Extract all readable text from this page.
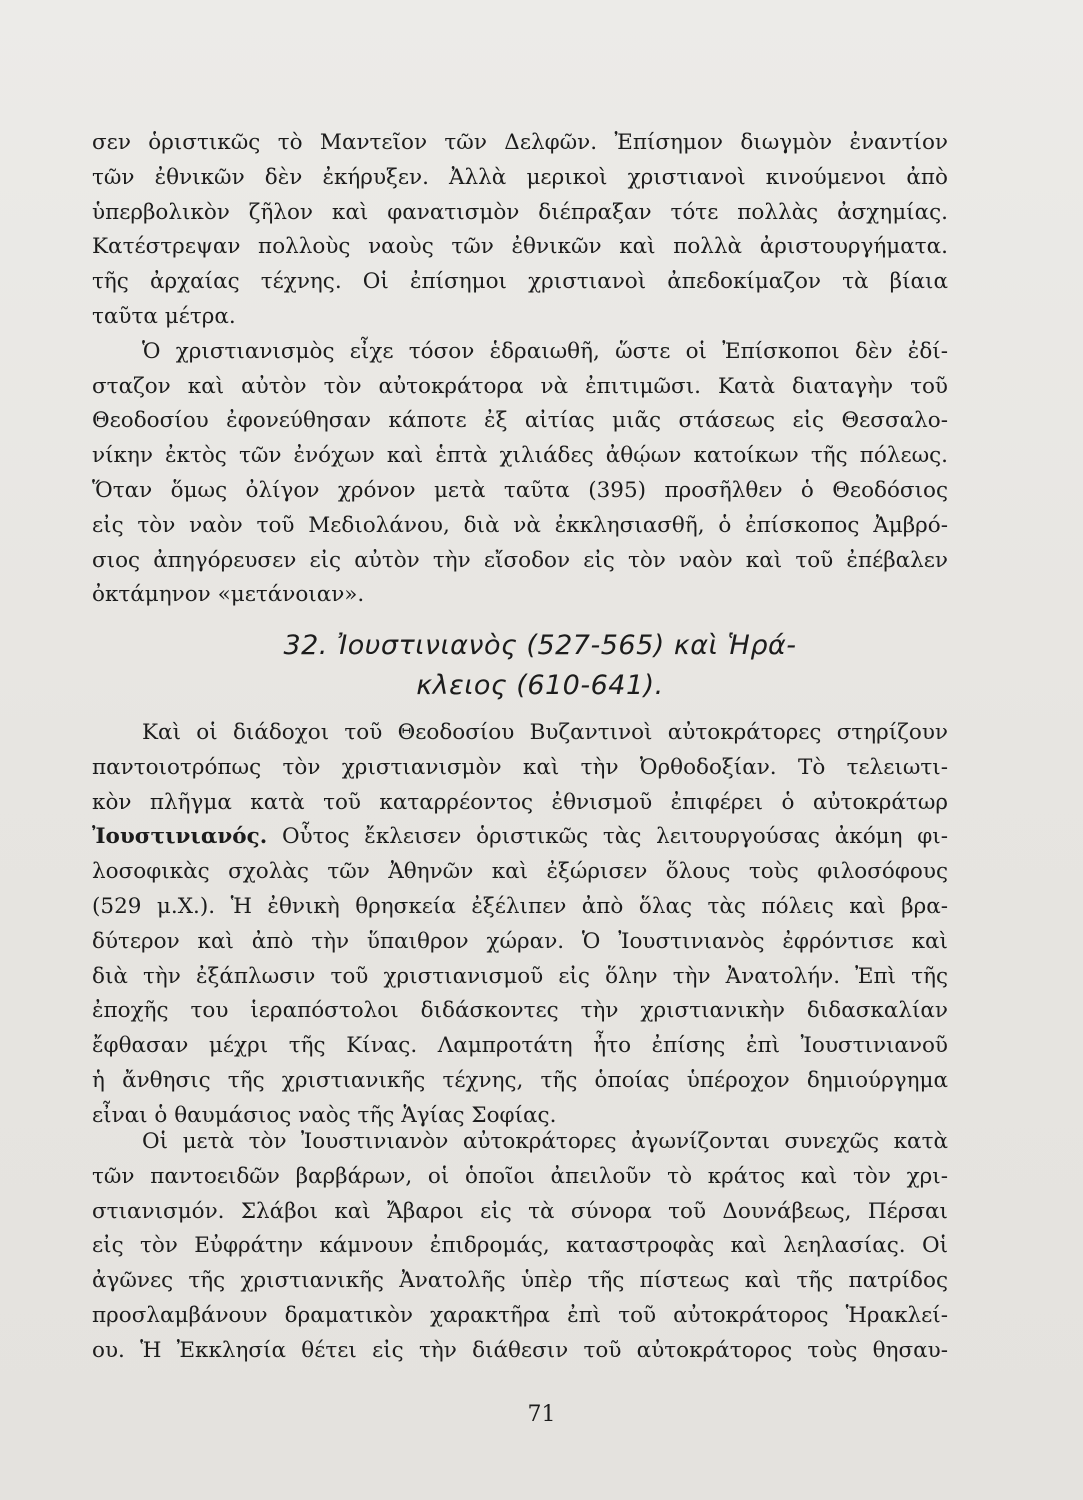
σεν ὁριστικῶς τὸ Μαντεῖον τῶν Δελφῶν. Ἐπίσημον διωγμὸν ἐναντίον
τῶν ἐθνικῶν δὲν ἐκήρυξεν. Ἀλλὰ μερικοὶ χριστιανοὶ κινούμενοι ἀπὸ
ὑπερβολικὸν ζῆλον καὶ φανατισμὸν διέπραξαν τότε πολλὰς ἀσχημίας.
Κατέστρεψαν πολλοὺς ναοὺς τῶν ἐθνικῶν καὶ πολλὰ ἀριστουργήματα.
τῆς ἀρχαίας τέχνης. Οἱ ἐπίσημοι χριστιανοὶ ἀπεδοκίμαζον τὰ βίαια
ταῦτα μέτρα.
Ὁ χριστιανισμὸς εἶχε τόσον ἑδραιωθῆ, ὥστε οἱ Ἐπίσκοποι δὲν ἐδί-
σταζον καὶ αὐτὸν τὸν αὐτοκράτορα νὰ ἐπιτιμῶσι. Κατὰ διαταγὴν τοῦ
Θεοδοσίου ἐφονεύθησαν κάποτε ἐξ αἰτίας μιᾶς στάσεως εἰς Θεσσαλο-
νίκην ἐκτὸς τῶν ἐνόχων καὶ ἑπτὰ χιλιάδες ἀθῴων κατοίκων τῆς πόλεως.
Ὅταν ὅμως ὀλίγον χρόνον μετὰ ταῦτα (395) προσῆλθεν ὁ Θεοδόσιος
εἰς τὸν ναὸν τοῦ Μεδιολάνου, διὰ νὰ ἐκκλησιασθῆ, ὁ ἐπίσκοπος Ἀμβρό-
σιος ἀπηγόρευσεν εἰς αὐτὸν τὴν εἴσοδον εἰς τὸν ναὸν καὶ τοῦ ἐπέβαλεν
ὀκτάμηνον «μετάνοιαν».
32. Ἰουστινιανὸς (527-565) καὶ Ἡρά-
κλειος (610-641).
Καὶ οἱ διάδοχοι τοῦ Θεοδοσίου Βυζαντινοὶ αὐτοκράτορες στηρίζουν
παντοιοτρόπως τὸν χριστιανισμὸν καὶ τὴν Ὀρθοδοξίαν. Τὸ τελειωτι-
κὸν πλῆγμα κατὰ τοῦ καταρρέοντος ἐθνισμοῦ ἐπιφέρει ὁ αὐτοκράτωρ
Ἰουστινιανός. Οὗτος ἔκλεισεν ὁριστικῶς τὰς λειτουργούσας ἀκόμη φι-
λοσοφικὰς σχολὰς τῶν Ἀθηνῶν καὶ ἐξώρισεν ὅλους τοὺς φιλοσόφους
(529 μ.Χ.). Ἡ ἐθνικὴ θρησκεία ἐξέλιπεν ἀπὸ ὅλας τὰς πόλεις καὶ βρα-
δύτερον καὶ ἀπὸ τὴν ὕπαιθρον χώραν. Ὁ Ἰουστινιανὸς ἐφρόντισε καὶ
διὰ τὴν ἐξάπλωσιν τοῦ χριστιανισμοῦ εἰς ὅλην τὴν Ἀνατολήν. Ἐπὶ τῆς
ἐποχῆς του ἱεραπόστολοι διδάσκοντες τὴν χριστιανικὴν διδασκαλίαν
ἔφθασαν μέχρι τῆς Κίνας. Λαμπροτάτη ἦτο ἐπίσης ἐπὶ Ἰουστινιανοῦ
ἡ ἄνθησις τῆς χριστιανικῆς τέχνης, τῆς ὁποίας ὑπέροχον δημιούργημα
εἶναι ὁ θαυμάσιος ναὸς τῆς Ἁγίας Σοφίας.
Οἱ μετὰ τὸν Ἰουστινιανὸν αὐτοκράτορες ἀγωνίζονται συνεχῶς κατὰ
τῶν παντοειδῶν βαρβάρων, οἱ ὁποῖοι ἀπειλοῦν τὸ κράτος καὶ τὸν χρι-
στιανισμόν. Σλάβοι καὶ Ἄβαροι εἰς τὰ σύνορα τοῦ Δουνάβεως, Πέρσαι
εἰς τὸν Εὐφράτην κάμνουν ἐπιδρομάς, καταστροφὰς καὶ λεηλασίας. Οἱ
ἀγῶνες τῆς χριστιανικῆς Ἀνατολῆς ὑπὲρ τῆς πίστεως καὶ τῆς πατρίδος
προσλαμβάνουν δραματικὸν χαρακτῆρα ἐπὶ τοῦ αὐτοκράτορος Ἡρακλεί-
ου. Ἡ Ἐκκλησία θέτει εἰς τὴν διάθεσιν τοῦ αὐτοκράτορος τοὺς θησαυ-
71
